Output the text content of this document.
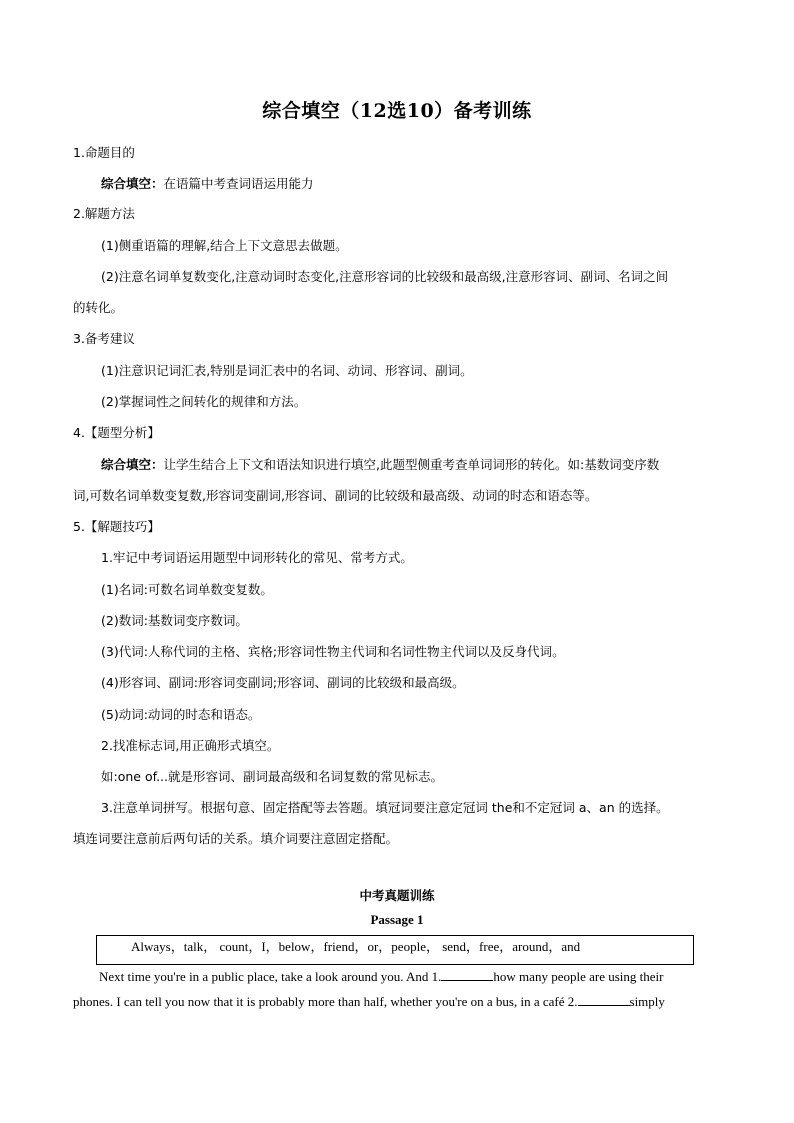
综合填空（12选10）备考训练
1.命题目的
综合填空：在语篇中考查词语运用能力
2.解题方法
(1)侧重语篇的理解,结合上下文意思去做题。
(2)注意名词单复数变化,注意动词时态变化,注意形容词的比较级和最高级,注意形容词、副词、名词之间
的转化。
3.备考建议
(1)注意识记词汇表,特别是词汇表中的名词、动词、形容词、副词。
(2)掌握词性之间转化的规律和方法。
4.【题型分析】
综合填空：让学生结合上下文和语法知识进行填空,此题型侧重考查单词词形的转化。如:基数词变序数
词,可数名词单数变复数,形容词变副词,形容词、副词的比较级和最高级、动词的时态和语态等。
5.【解题技巧】
1.牢记中考词语运用题型中词形转化的常见、常考方式。
(1)名词:可数名词单数变复数。
(2)数词:基数词变序数词。
(3)代词:人称代词的主格、宾格;形容词性物主代词和名词性物主代词以及反身代词。
(4)形容词、副词:形容词变副词;形容词、副词的比较级和最高级。
(5)动词:动词的时态和语态。
2.找准标志词,用正确形式填空。
如:one of...就是形容词、副词最高级和名词复数的常见标志。
3.注意单词拼写。根据句意、固定搭配等去答题。填冠词要注意定冠词 the和不定冠词 a、an 的选择。
填连词要注意前后两句话的关系。填介词要注意固定搭配。
中考真题训练
Passage 1
Always，talk， count，I，below，friend，or，people， send，free，around，and
Next time you're in a public place, take a look around you. And 1.	how many people are using their
phones. I can tell you now that it is probably more than half, whether you're on a bus, in a café 2.	simply
